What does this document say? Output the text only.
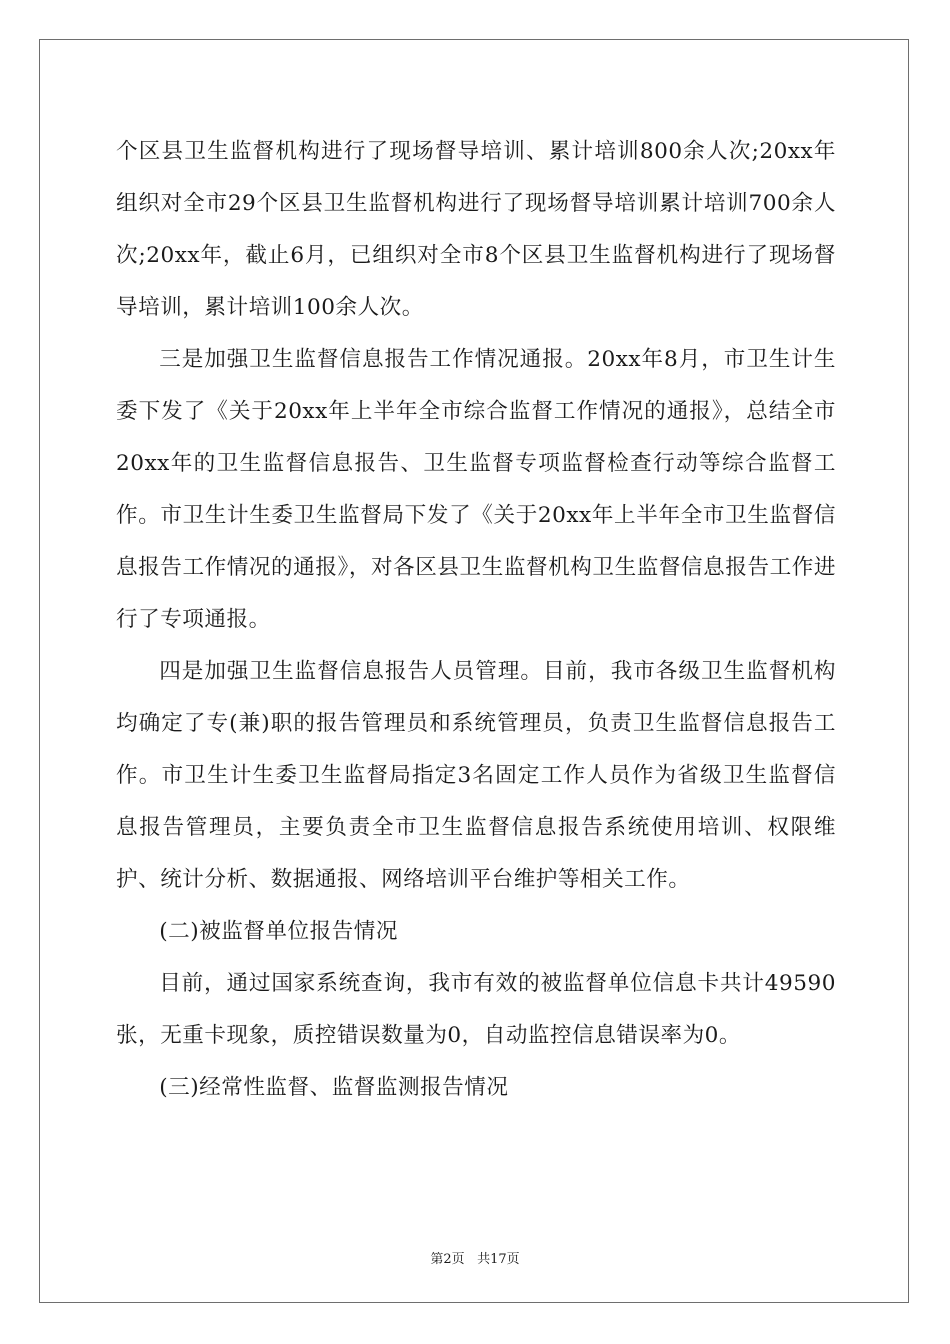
个区县卫生监督机构进行了现场督导培训、累计培训800余人次;20xx年组织对全市29个区县卫生监督机构进行了现场督导培训累计培训700余人次;20xx年，截止6月，已组织对全市8个区县卫生监督机构进行了现场督导培训，累计培训100余人次。

三是加强卫生监督信息报告工作情况通报。20xx年8月，市卫生计生委下发了《关于20xx年上半年全市综合监督工作情况的通报》，总结全市20xx年的卫生监督信息报告、卫生监督专项监督检查行动等综合监督工作。市卫生计生委卫生监督局下发了《关于20xx年上半年全市卫生监督信息报告工作情况的通报》，对各区县卫生监督机构卫生监督信息报告工作进行了专项通报。

四是加强卫生监督信息报告人员管理。目前，我市各级卫生监督机构均确定了专(兼)职的报告管理员和系统管理员，负责卫生监督信息报告工作。市卫生计生委卫生监督局指定3名固定工作人员作为省级卫生监督信息报告管理员，主要负责全市卫生监督信息报告系统使用培训、权限维护、统计分析、数据通报、网络培训平台维护等相关工作。

(二)被监督单位报告情况

目前，通过国家系统查询，我市有效的被监督单位信息卡共计49590张，无重卡现象，质控错误数量为0，自动监控信息错误率为0。

(三)经常性监督、监督监测报告情况

第2页 共17页
